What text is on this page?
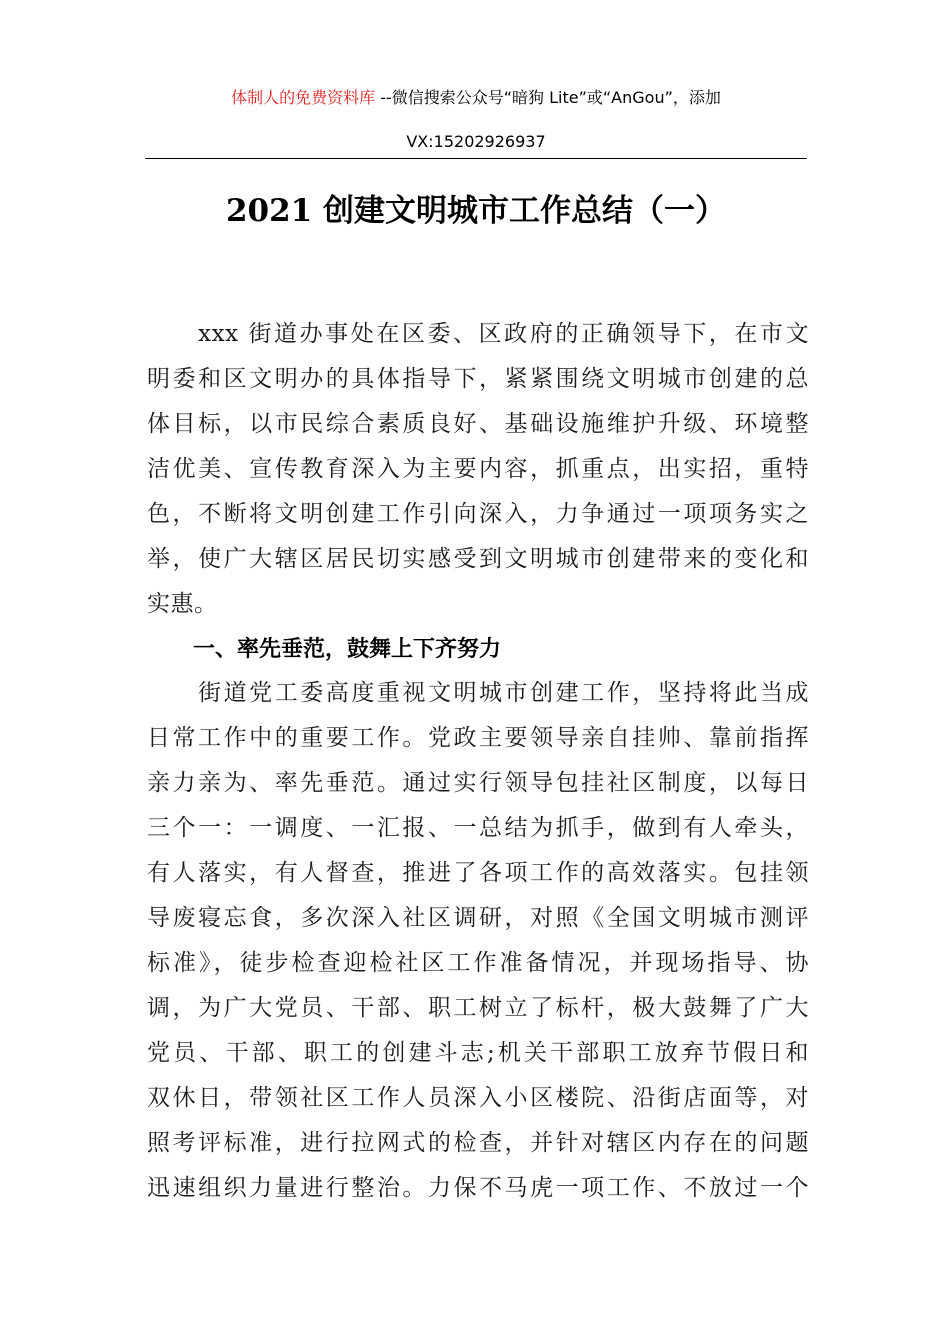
体制人的免费资料库 --微信搜索公众号“暗狗 Lite”或“AnGou”，添加
VX:15202926937
2021 创建文明城市工作总结（一）
　　xxx 街道办事处在区委、区政府的正确领导下，在市文
明委和区文明办的具体指导下，紧紧围绕文明城市创建的总
体目标，以市民综合素质良好、基础设施维护升级、环境整
洁优美、宣传教育深入为主要内容，抓重点，出实招，重特
色，不断将文明创建工作引向深入，力争通过一项项务实之
举，使广大辖区居民切实感受到文明城市创建带来的变化和
实惠。
一、率先垂范，鼓舞上下齐努力
　　街道党工委高度重视文明城市创建工作，坚持将此当成
日常工作中的重要工作。党政主要领导亲自挂帅、靠前指挥
亲力亲为、率先垂范。通过实行领导包挂社区制度，以每日
三个一：一调度、一汇报、一总结为抓手，做到有人牵头，
有人落实，有人督查，推进了各项工作的高效落实。包挂领
导废寝忘食，多次深入社区调研，对照《全国文明城市测评
标准》，徒步检查迎检社区工作准备情况，并现场指导、协
调，为广大党员、干部、职工树立了标杆，极大鼓舞了广大
党员、干部、职工的创建斗志;机关干部职工放弃节假日和
双休日，带领社区工作人员深入小区楼院、沿街店面等，对
照考评标准，进行拉网式的检查，并针对辖区内存在的问题
迅速组织力量进行整治。力保不马虎一项工作、不放过一个
